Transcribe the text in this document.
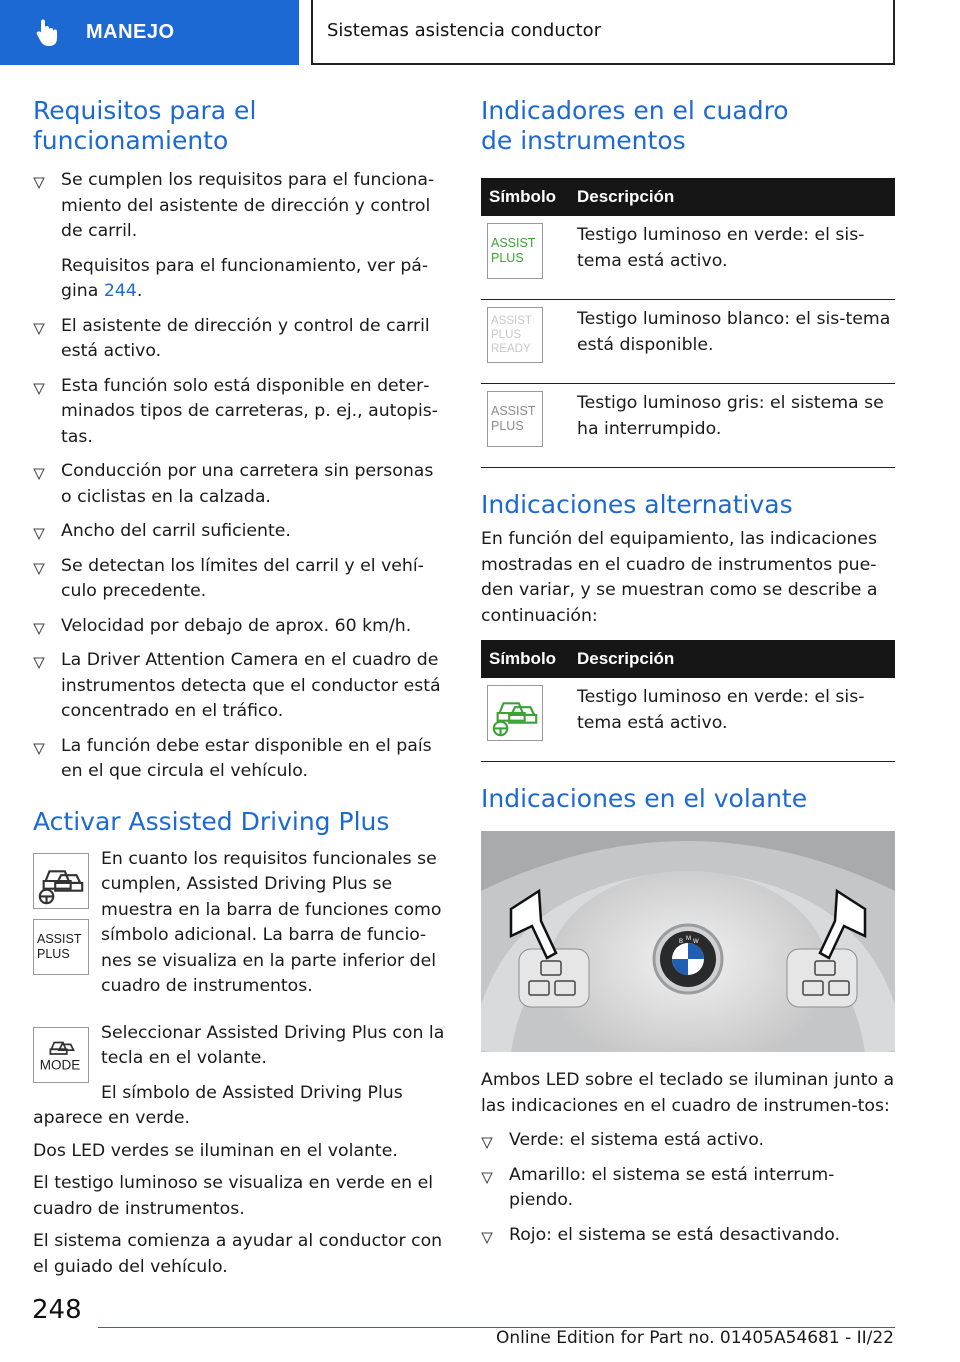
MANEJO	Sistemas asistencia conductor
Requisitos para el funcionamiento
Se cumplen los requisitos para el funciona‐miento del asistente de dirección y control de carril.

Requisitos para el funcionamiento, ver pá‐gina 244.

El asistente de dirección y control de carril está activo.
Esta función solo está disponible en deter‐minados tipos de carreteras, p. ej., autopis‐tas.
Conducción por una carretera sin personas o ciclistas en la calzada.
Ancho del carril suficiente.
Se detectan los límites del carril y el vehí‐culo precedente.
Velocidad por debajo de aprox. 60 km/h.
La Driver Attention Camera en el cuadro de instrumentos detecta que el conductor está concentrado en el tráfico.
La función debe estar disponible en el país en el que circula el vehículo.
Activar Assisted Driving Plus
ASSIST
PLUS

En cuanto los requisitos funcionales se cumplen, Assisted Driving Plus se muestra en la barra de funciones como símbolo adicional. La barra de funcio‐nes se visualiza en la parte inferior del cuadro de instrumentos.

MODE

Seleccionar Assisted Driving Plus con la tecla en el volante.

El símbolo de Assisted Driving Plus aparece en verde.

Dos LED verdes se iluminan en el volante.

El testigo luminoso se visualiza en verde en el cuadro de instrumentos.

El sistema comienza a ayudar al conductor con el guiado del vehículo.

Indicadores en el cuadro
de instrumentos
Símbolo	Descripción

ASSIST
PLUS	Testigo luminoso en verde: el sis‐tema está activo.

ASSIST
PLUS
READY	Testigo luminoso blanco: el sis‐tema está disponible.

ASSIST
PLUS	Testigo luminoso gris: el sistema se ha interrumpido.
Indicaciones alternativas

En función del equipamiento, las indicaciones mostradas en el cuadro de instrumentos pue‐den variar, y se muestran como se describe a continuación:

Símbolo	Descripción

	Testigo luminoso en verde: el sis‐tema está activo.
Indicaciones en el volante
B M W

Ambos LED sobre el teclado se iluminan junto a las indicaciones en el cuadro de instrumen‐tos:

Verde: el sistema está activo.
Amarillo: el sistema se está interrum‐piendo.
Rojo: el sistema se está desactivando.
248
Online Edition for Part no. 01405A54681 - II/22
